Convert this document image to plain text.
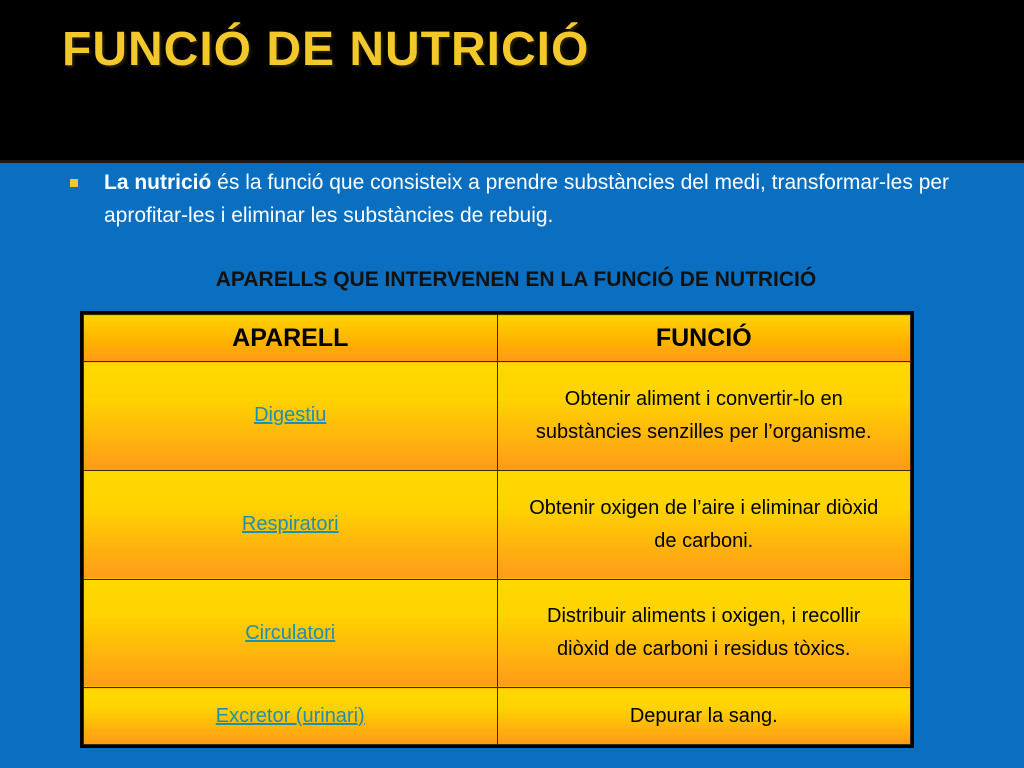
FUNCIÓ DE NUTRICIÓ
La nutrició és la funció que consisteix a prendre substàncies del medi, transformar-les per aprofitar-les i eliminar les substàncies de rebuig.
APARELLS QUE INTERVENEN EN LA FUNCIÓ DE NUTRICIÓ
APARELL	FUNCIÓ
Digestiu	Obtenir aliment i convertir-lo en substàncies senzilles per l’organisme.
Respiratori	Obtenir oxigen de l’aire i eliminar diòxid de carboni.
Circulatori	Distribuir aliments i oxigen, i recollir diòxid de carboni i residus tòxics.
Excretor (urinari)	Depurar la sang.
